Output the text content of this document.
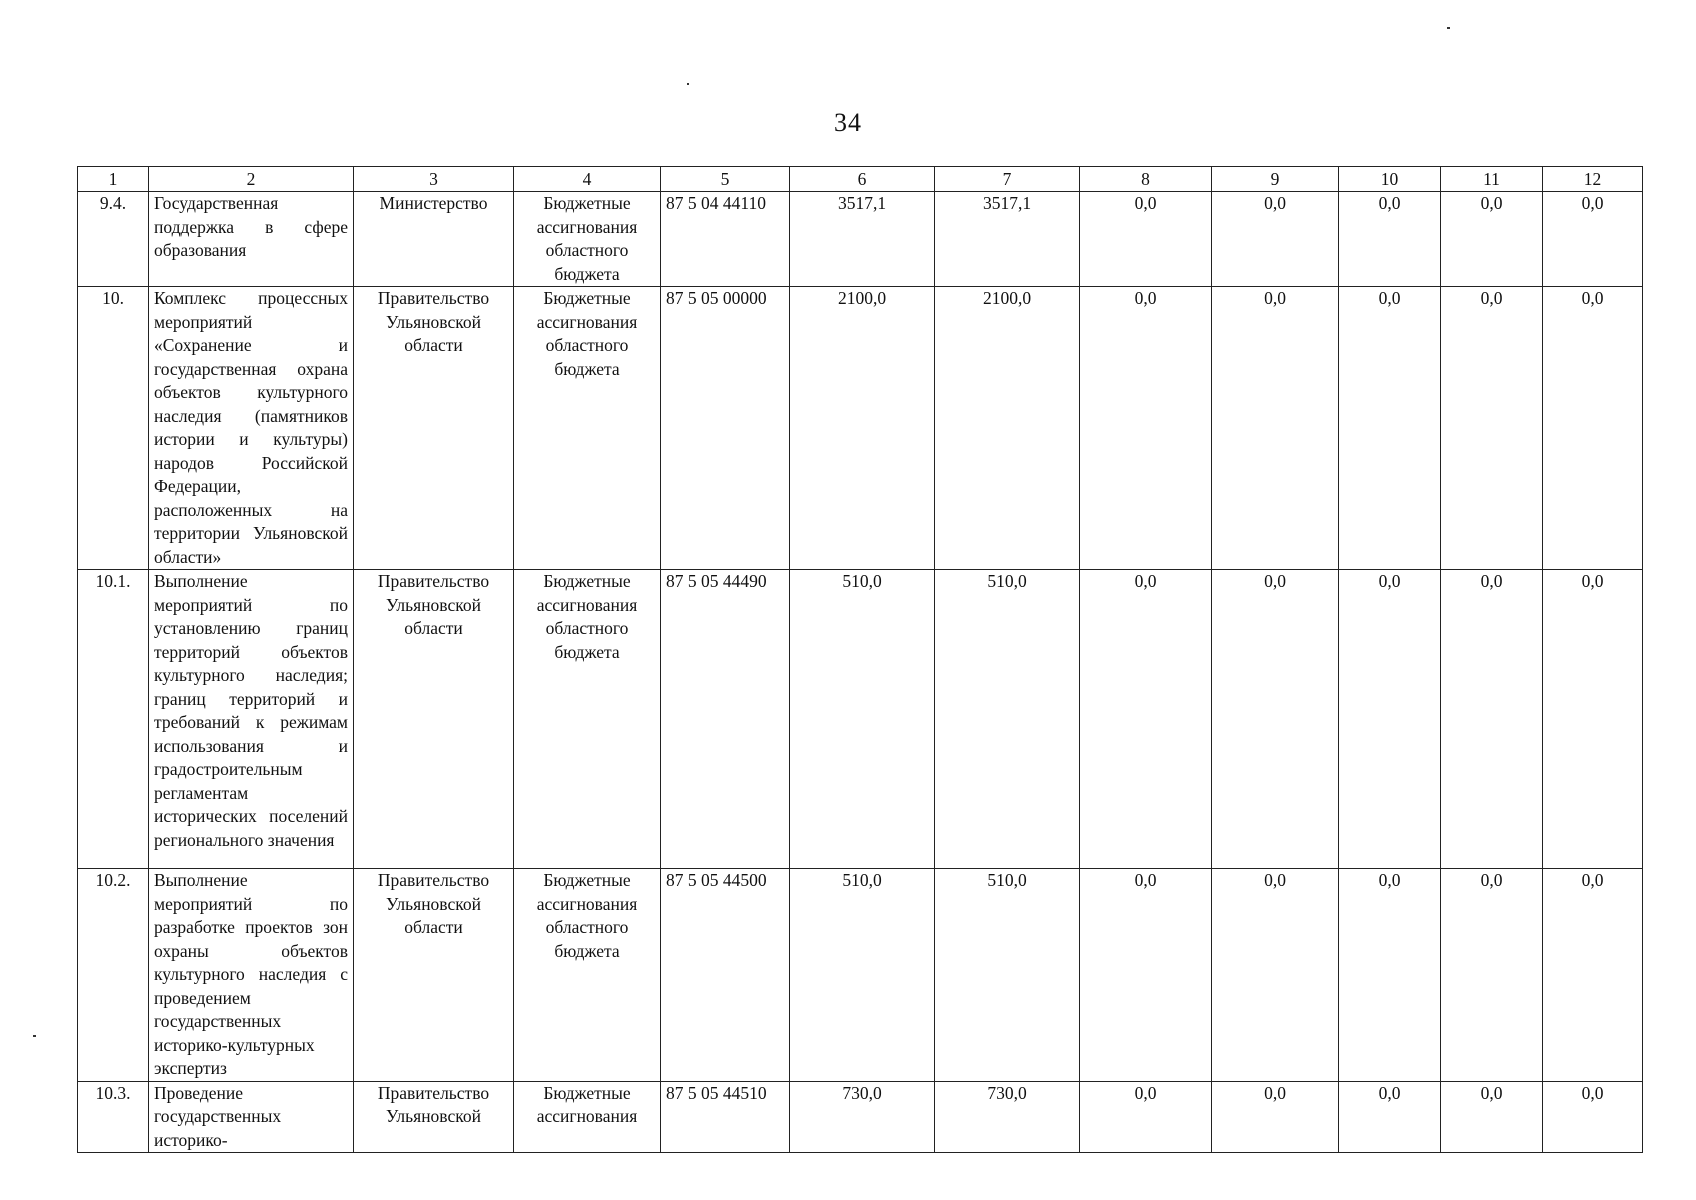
34
1	2	3	4	5	6	7	8	9	10	11	12
9.4.	Государственная поддержка в сфере образования	Министерство	Бюджетные ассигнования областного бюджета	87 5 04 44110	3517,1	3517,1	0,0	0,0	0,0	0,0	0,0
10.	Комплекс процессных мероприятий «Сохранение и государственная охрана объектов культурного наследия (памятников истории и культуры) народов Российской Федерации, расположенных на территории Ульяновской области»	Правительство Ульяновской области	Бюджетные ассигнования областного бюджета	87 5 05 00000	2100,0	2100,0	0,0	0,0	0,0	0,0	0,0
10.1.	Выполнение мероприятий по установлению границ территорий объектов культурного наследия; границ территорий и требований к режимам использования и градостроительным регламентам исторических поселений регионального значения	Правительство Ульяновской области	Бюджетные ассигнования областного бюджета	87 5 05 44490	510,0	510,0	0,0	0,0	0,0	0,0	0,0
10.2.	Выполнение мероприятий по разработке проектов зон охраны объектов культурного наследия с проведением государственных историко-культурных экспертиз	Правительство Ульяновской области	Бюджетные ассигнования областного бюджета	87 5 05 44500	510,0	510,0	0,0	0,0	0,0	0,0	0,0
10.3.	Проведение государственных историко-	Правительство Ульяновской	Бюджетные ассигнования	87 5 05 44510	730,0	730,0	0,0	0,0	0,0	0,0	0,0
